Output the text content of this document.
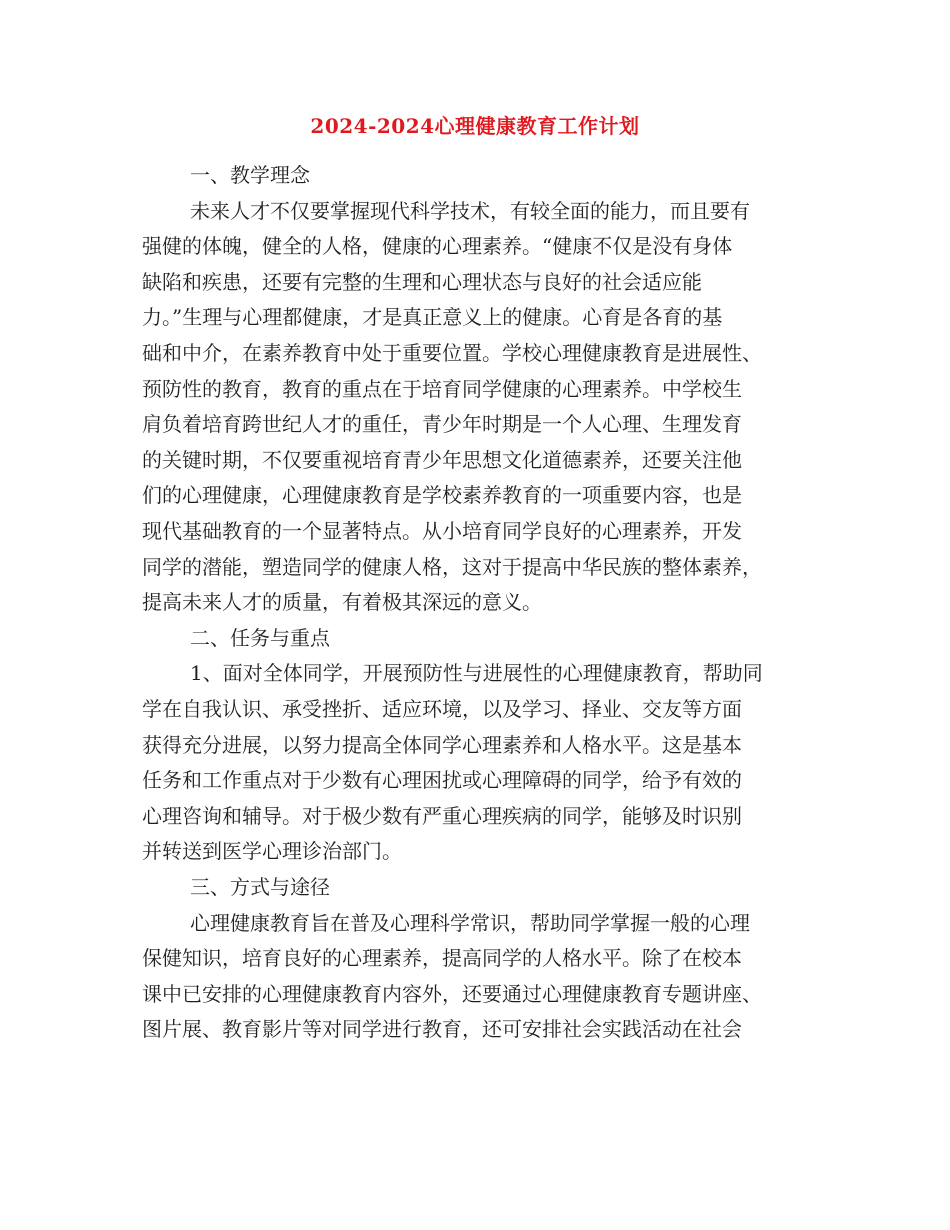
2024-2024心理健康教育工作计划
一、教学理念
未来人才不仅要掌握现代科学技术，有较全面的能力，而且要有
强健的体魄，健全的人格，健康的心理素养。“健康不仅是没有身体
缺陷和疾患，还要有完整的生理和心理状态与良好的社会适应能
力。”生理与心理都健康，才是真正意义上的健康。心育是各育的基
础和中介，在素养教育中处于重要位置。学校心理健康教育是进展性、
预防性的教育，教育的重点在于培育同学健康的心理素养。中学校生
肩负着培育跨世纪人才的重任，青少年时期是一个人心理、生理发育
的关键时期，不仅要重视培育青少年思想文化道德素养，还要关注他
们的心理健康，心理健康教育是学校素养教育的一项重要内容，也是
现代基础教育的一个显著特点。从小培育同学良好的心理素养，开发
同学的潜能，塑造同学的健康人格，这对于提高中华民族的整体素养，
提高未来人才的质量，有着极其深远的意义。
二、任务与重点
1、面对全体同学，开展预防性与进展性的心理健康教育，帮助同
学在自我认识、承受挫折、适应环境，以及学习、择业、交友等方面
获得充分进展，以努力提高全体同学心理素养和人格水平。这是基本
任务和工作重点对于少数有心理困扰或心理障碍的同学，给予有效的
心理咨询和辅导。对于极少数有严重心理疾病的同学，能够及时识别
并转送到医学心理诊治部门。
三、方式与途径
心理健康教育旨在普及心理科学常识，帮助同学掌握一般的心理
保健知识，培育良好的心理素养，提高同学的人格水平。除了在校本
课中已安排的心理健康教育内容外，还要通过心理健康教育专题讲座、
图片展、教育影片等对同学进行教育，还可安排社会实践活动在社会
